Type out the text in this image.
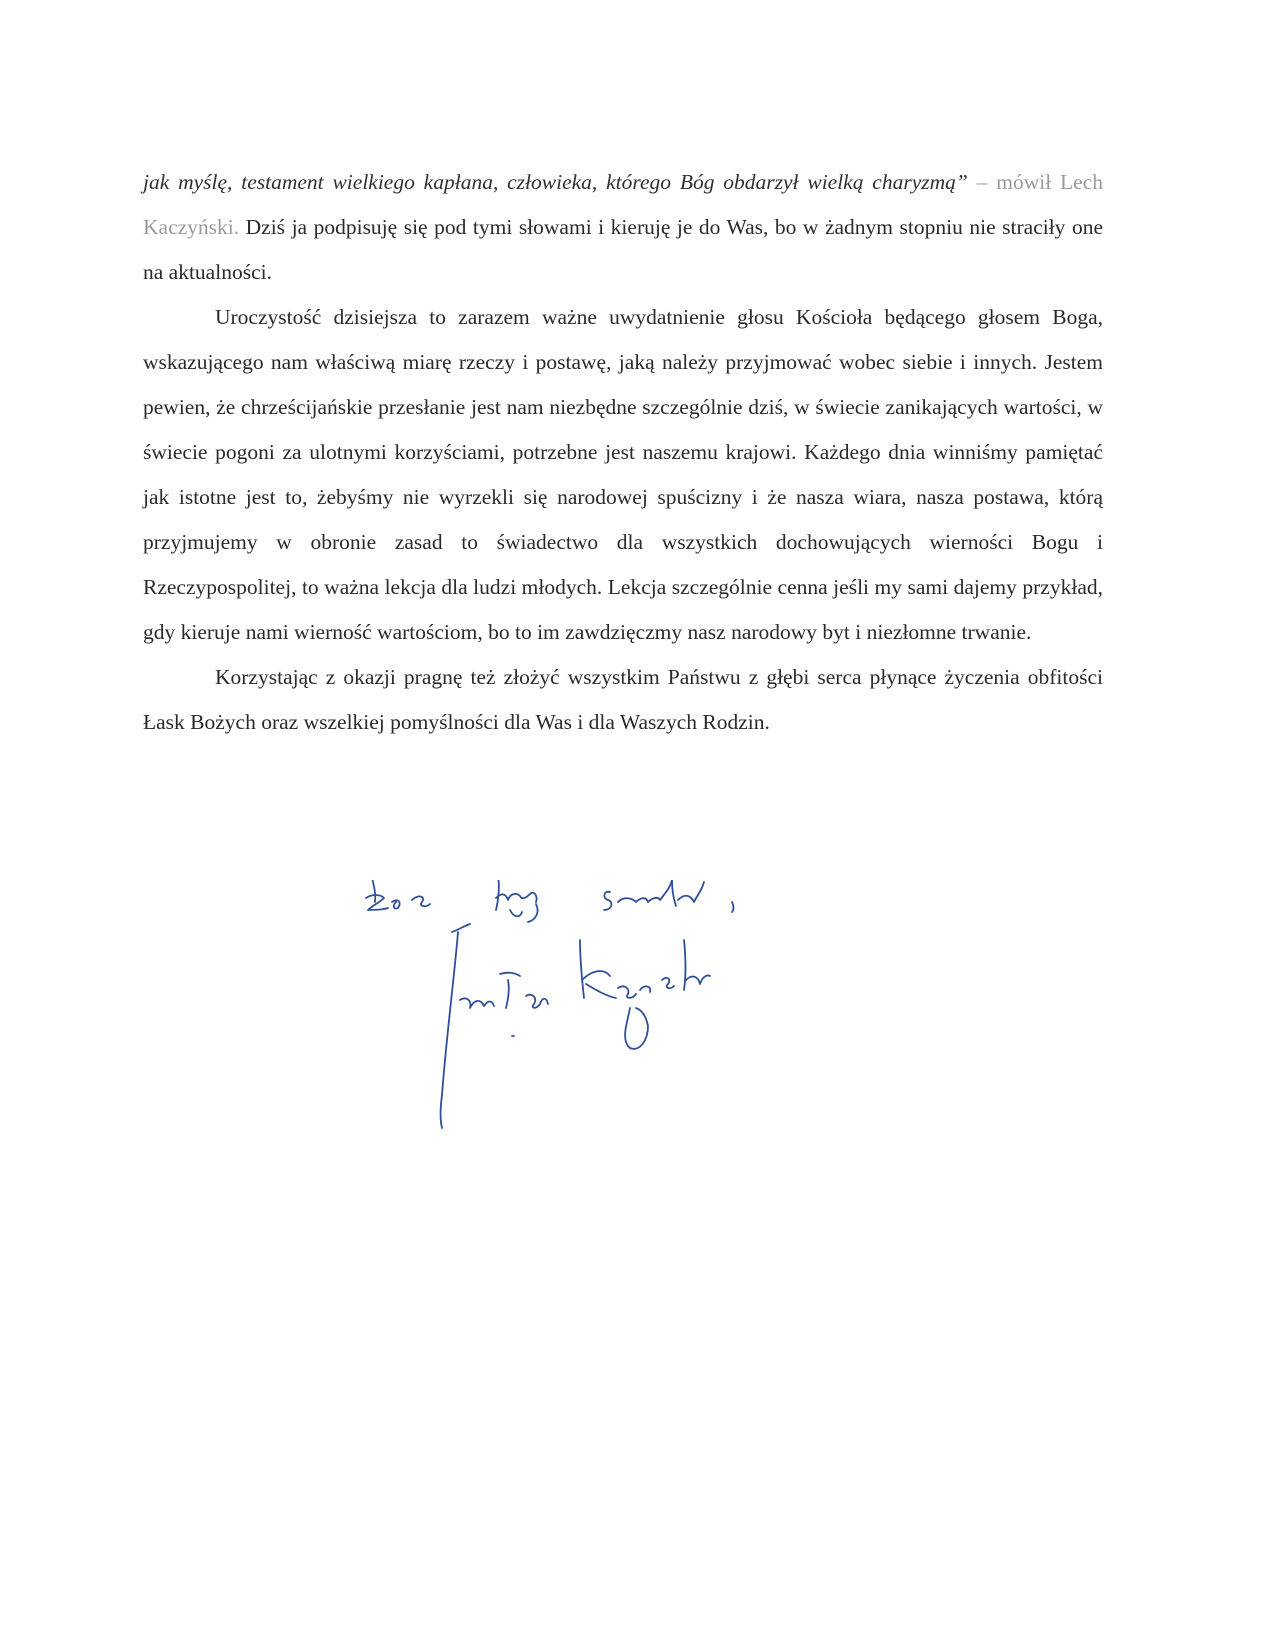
jak myślę, testament wielkiego kapłana, człowieka, którego Bóg obdarzył wielką charyzmą” – mówił Lech Kaczyński. Dziś ja podpisuję się pod tymi słowami i kieruję je do Was, bo w żadnym stopniu nie straciły one na aktualności.

Uroczystość dzisiejsza to zarazem ważne uwydatnienie głosu Kościoła będącego głosem Boga, wskazującego nam właściwą miarę rzeczy i postawę, jaką należy przyjmować wobec siebie i innych. Jestem pewien, że chrześcijańskie przesłanie jest nam niezbędne szczególnie dziś, w świecie zanikających wartości, w świecie pogoni za ulotnymi korzyściami, potrzebne jest naszemu krajowi. Każdego dnia winniśmy pamiętać jak istotne jest to, żebyśmy nie wyrzekli się narodowej spuścizny i że nasza wiara, nasza postawa, którą przyjmujemy w obronie zasad to świadectwo dla wszystkich dochowujących wierności Bogu i Rzeczypospolitej, to ważna lekcja dla ludzi młodych. Lekcja szczególnie cenna jeśli my sami dajemy przykład, gdy kieruje nami wierność wartościom, bo to im zawdzięczmy nasz narodowy byt i niezłomne trwanie.

Korzystając z okazji pragnę też złożyć wszystkim Państwu z głębi serca płynące życzenia obfitości Łask Bożych oraz wszelkiej pomyślności dla Was i dla Waszych Rodzin.
